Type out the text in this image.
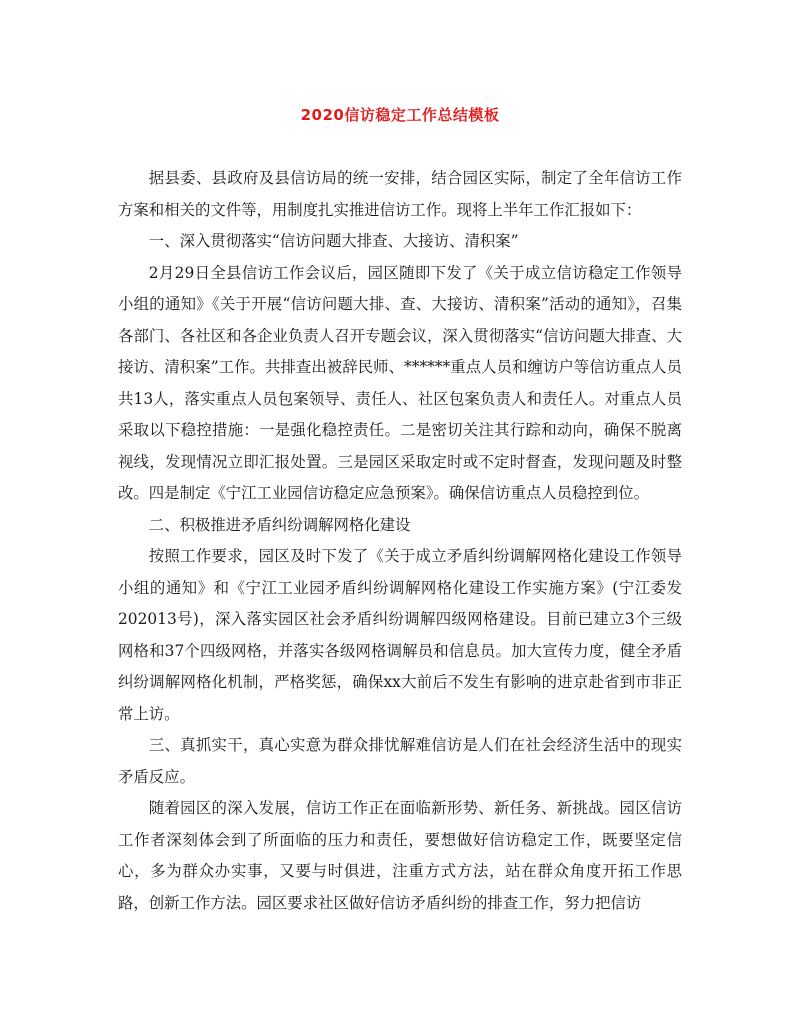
2020信访稳定工作总结模板

据县委、县政府及县信访局的统一安排，结合园区实际，制定了全年信访工作方案和相关的文件等，用制度扎实推进信访工作。现将上半年工作汇报如下：

一、深入贯彻落实“信访问题大排查、大接访、清积案”

2月29日全县信访工作会议后，园区随即下发了《关于成立信访稳定工作领导小组的通知》《关于开展“信访问题大排、查、大接访、清积案”活动的通知》，召集各部门、各社区和各企业负责人召开专题会议，深入贯彻落实“信访问题大排查、大接访、清积案”工作。共排查出被辞民师、******重点人员和缠访户等信访重点人员共13人，落实重点人员包案领导、责任人、社区包案负责人和责任人。对重点人员采取以下稳控措施：一是强化稳控责任。二是密切关注其行踪和动向，确保不脱离视线，发现情况立即汇报处置。三是园区采取定时或不定时督查，发现问题及时整改。四是制定《宁江工业园信访稳定应急预案》。确保信访重点人员稳控到位。

二、积极推进矛盾纠纷调解网格化建设

按照工作要求，园区及时下发了《关于成立矛盾纠纷调解网格化建设工作领导小组的通知》和《宁江工业园矛盾纠纷调解网格化建设工作实施方案》(宁江委发202013号)，深入落实园区社会矛盾纠纷调解四级网格建设。目前已建立3个三级网格和37个四级网格，并落实各级网格调解员和信息员。加大宣传力度，健全矛盾纠纷调解网格化机制，严格奖惩，确保xx大前后不发生有影响的进京赴省到市非正常上访。

三、真抓实干，真心实意为群众排忧解难信访是人们在社会经济生活中的现实矛盾反应。

随着园区的深入发展，信访工作正在面临新形势、新任务、新挑战。园区信访工作者深刻体会到了所面临的压力和责任，要想做好信访稳定工作，既要坚定信心，多为群众办实事，又要与时俱进，注重方式方法，站在群众角度开拓工作思路，创新工作方法。园区要求社区做好信访矛盾纠纷的排查工作，努力把信访
